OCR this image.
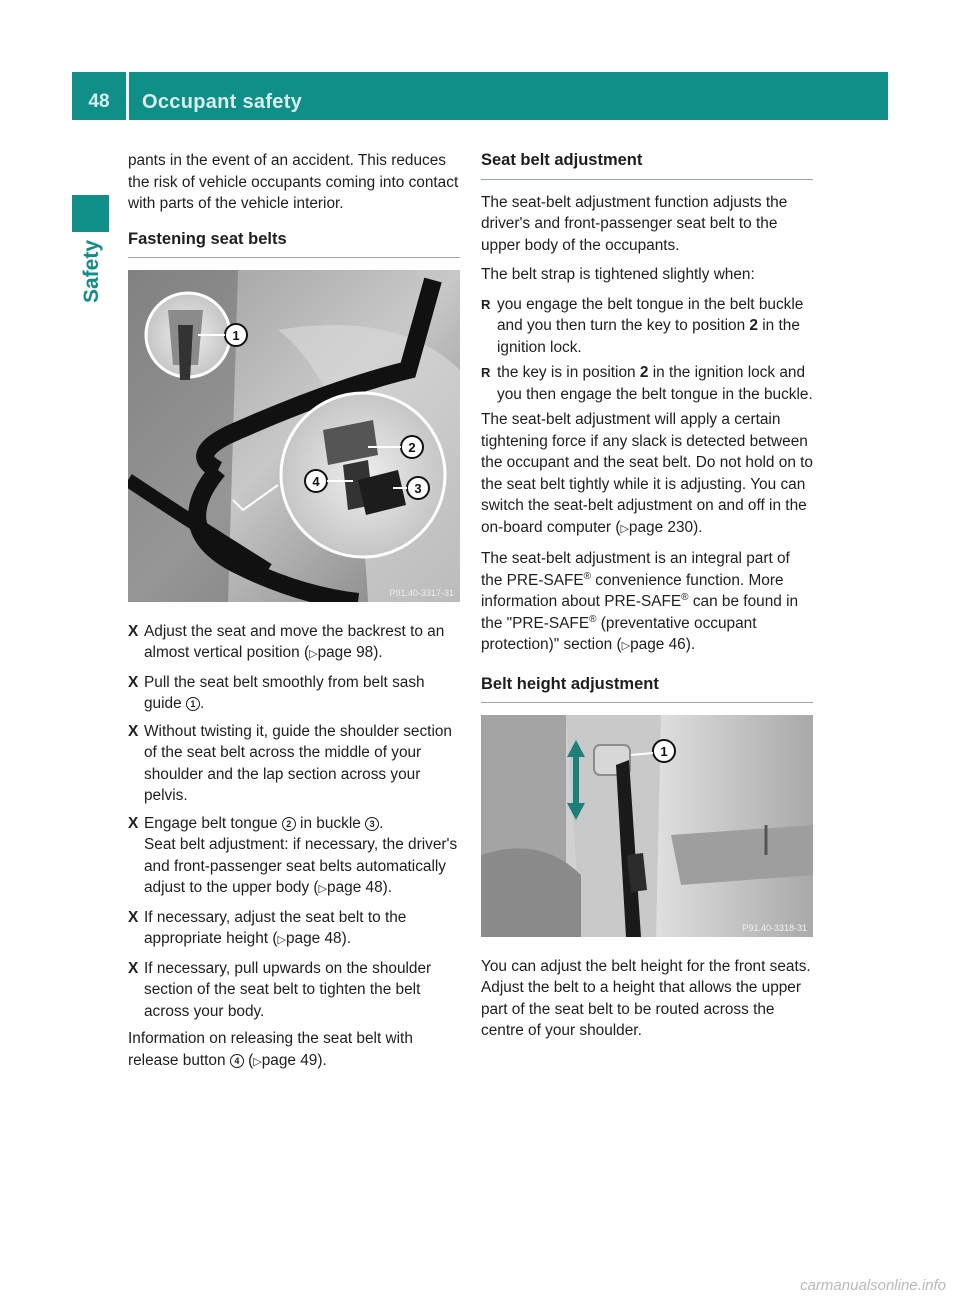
48	Occupant safety
Safety

pants in the event of an accident. This reduces the risk of vehicle occupants coming into contact with parts of the vehicle interior.

Fastening seat belts
1
2
3
4
P91.40-3317-31
X Adjust the seat and move the backrest to an almost vertical position (▷page 98).
X Pull the seat belt smoothly from belt sash guide 1 .
X Without twisting it, guide the shoulder section of the seat belt across the middle of your shoulder and the lap section across your pelvis.
X Engage belt tongue 2 in buckle 3 .
Seat belt adjustment: if necessary, the driver's and front-passenger seat belts automatically adjust to the upper body (▷page 48).
X If necessary, adjust the seat belt to the appropriate height (▷page 48).
X If necessary, pull upwards on the shoulder section of the seat belt to tighten the belt across your body.

Information on releasing the seat belt with release button 4 (▷page 49).

Seat belt adjustment

The seat-belt adjustment function adjusts the driver's and front-passenger seat belt to the upper body of the occupants.

The belt strap is tightened slightly when:

R you engage the belt tongue in the belt buckle and you then turn the key to position 2 in the ignition lock.
R the key is in position 2 in the ignition lock and you then engage the belt tongue in the buckle.

The seat-belt adjustment will apply a certain tightening force if any slack is detected between the occupant and the seat belt. Do not hold on to the seat belt tightly while it is adjusting. You can switch the seat-belt adjustment on and off in the on-board computer (▷page 230).

The seat-belt adjustment is an integral part of the PRE-SAFE® convenience function. More information about PRE-SAFE® can be found in the "PRE-SAFE® (preventative occupant protection)" section (▷page 46).

Belt height adjustment
1
P91.40-3318-31

You can adjust the belt height for the front seats. Adjust the belt to a height that allows the upper part of the seat belt to be routed across the centre of your shoulder.

carmanualsonline.info
